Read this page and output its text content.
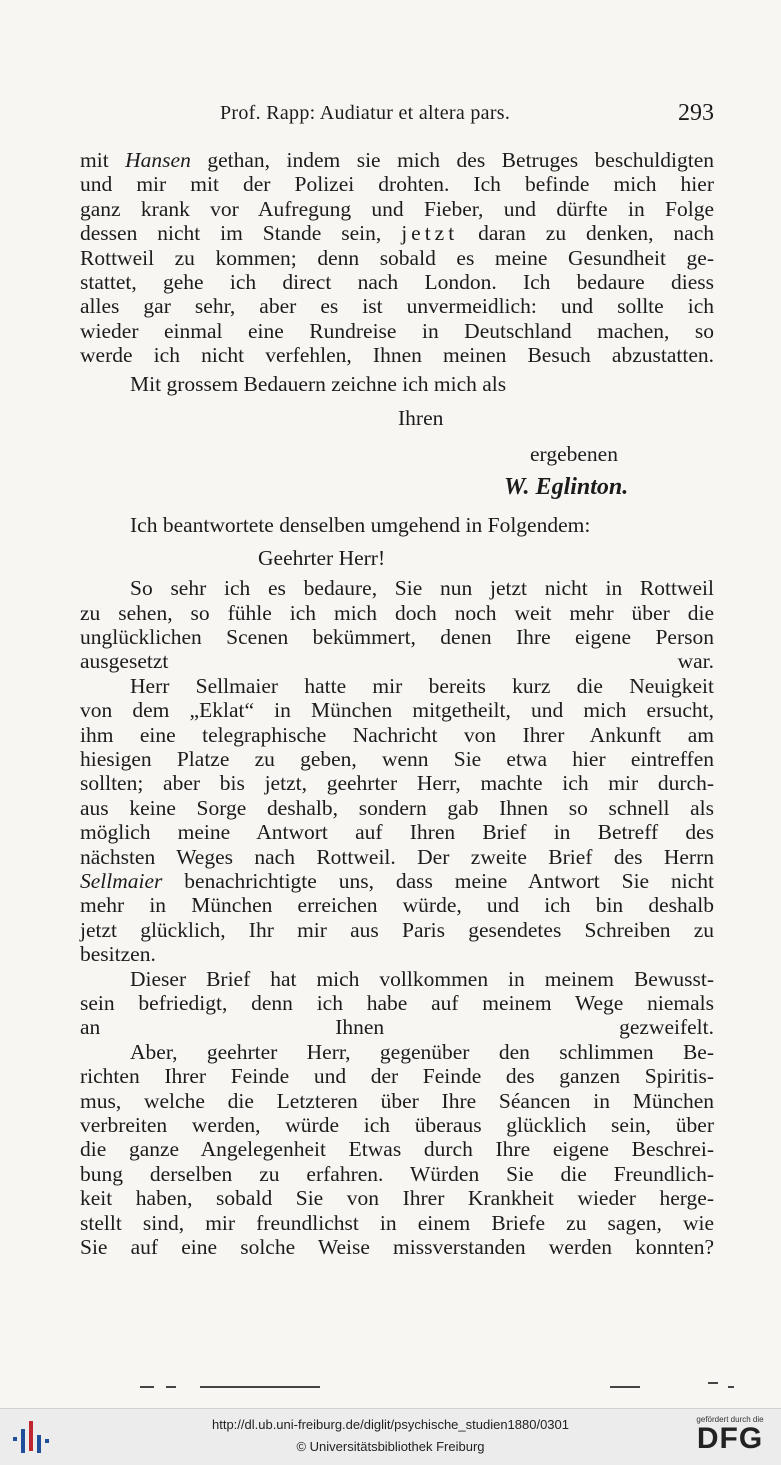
Prof. Rapp: Audiatur et altera pars.	293

mit Hansen gethan, indem sie mich des Betruges beschuldigten
und mir mit der Polizei drohten. Ich befinde mich hier
ganz krank vor Aufregung und Fieber, und dürfte in Folge
dessen nicht im Stande sein, jetzt daran zu denken, nach
Rottweil zu kommen; denn sobald es meine Gesundheit ge-
stattet, gehe ich direct nach London. Ich bedaure diess
alles gar sehr, aber es ist unvermeidlich: und sollte ich
wieder einmal eine Rundreise in Deutschland machen, so
werde ich nicht verfehlen, Ihnen meinen Besuch abzustatten.

Mit grossem Bedauern zeichne ich mich als
Ihren
ergebenen
W. Eglinton.
Ich beantwortete denselben umgehend in Folgendem:
Geehrter Herr!

So sehr ich es bedaure, Sie nun jetzt nicht in Rottweil
zu sehen, so fühle ich mich doch noch weit mehr über die
unglücklichen Scenen bekümmert, denen Ihre eigene Person
ausgesetzt war.

Herr Sellmaier hatte mir bereits kurz die Neuigkeit
von dem „Eklat“ in München mitgetheilt, und mich ersucht,
ihm eine telegraphische Nachricht von Ihrer Ankunft am
hiesigen Platze zu geben, wenn Sie etwa hier eintreffen
sollten; aber bis jetzt, geehrter Herr, machte ich mir durch-
aus keine Sorge deshalb, sondern gab Ihnen so schnell als
möglich meine Antwort auf Ihren Brief in Betreff des
nächsten Weges nach Rottweil. Der zweite Brief des Herrn
Sellmaier benachrichtigte uns, dass meine Antwort Sie nicht
mehr in München erreichen würde, und ich bin deshalb
jetzt glücklich, Ihr mir aus Paris gesendetes Schreiben zu
besitzen.

Dieser Brief hat mich vollkommen in meinem Bewusst-
sein befriedigt, denn ich habe auf meinem Wege niemals
an Ihnen gezweifelt.

Aber, geehrter Herr, gegenüber den schlimmen Be-
richten Ihrer Feinde und der Feinde des ganzen Spiritis-
mus, welche die Letzteren über Ihre Séancen in München
verbreiten werden, würde ich überaus glücklich sein, über
die ganze Angelegenheit Etwas durch Ihre eigene Beschrei-
bung derselben zu erfahren. Würden Sie die Freundlich-
keit haben, sobald Sie von Ihrer Krankheit wieder herge-
stellt sind, mir freundlichst in einem Briefe zu sagen, wie
Sie auf eine solche Weise missverstanden werden konnten?

http://dl.ub.uni-freiburg.de/diglit/psychische_studien1880/0301
© Universitätsbibliothek Freiburg
gefördert durch die
DFG
